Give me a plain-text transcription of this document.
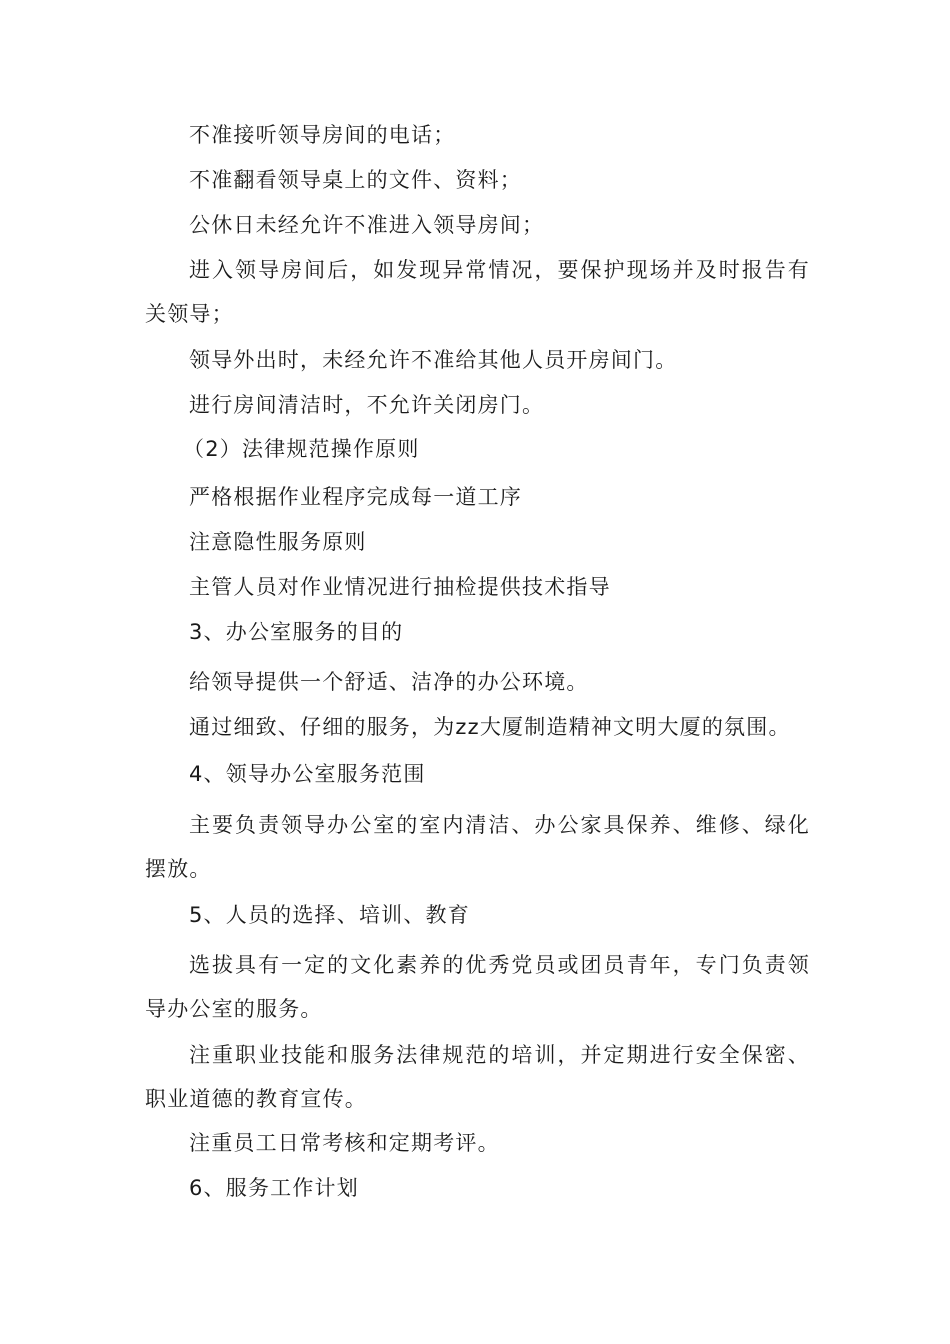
不准接听领导房间的电话；

不准翻看领导桌上的文件、资料；

公休日未经允许不准进入领导房间；

进入领导房间后，如发现异常情况，要保护现场并及时报告有关领导；

领导外出时，未经允许不准给其他人员开房间门。

进行房间清洁时，不允许关闭房门。

（2）法律规范操作原则

严格根据作业程序完成每一道工序

注意隐性服务原则

主管人员对作业情况进行抽检提供技术指导

3、办公室服务的目的

给领导提供一个舒适、洁净的办公环境。

通过细致、仔细的服务，为zz大厦制造精神文明大厦的氛围。

4、领导办公室服务范围

主要负责领导办公室的室内清洁、办公家具保养、维修、绿化摆放。

5、人员的选择、培训、教育

选拔具有一定的文化素养的优秀党员或团员青年，专门负责领导办公室的服务。

注重职业技能和服务法律规范的培训，并定期进行安全保密、职业道德的教育宣传。

注重员工日常考核和定期考评。

6、服务工作计划
